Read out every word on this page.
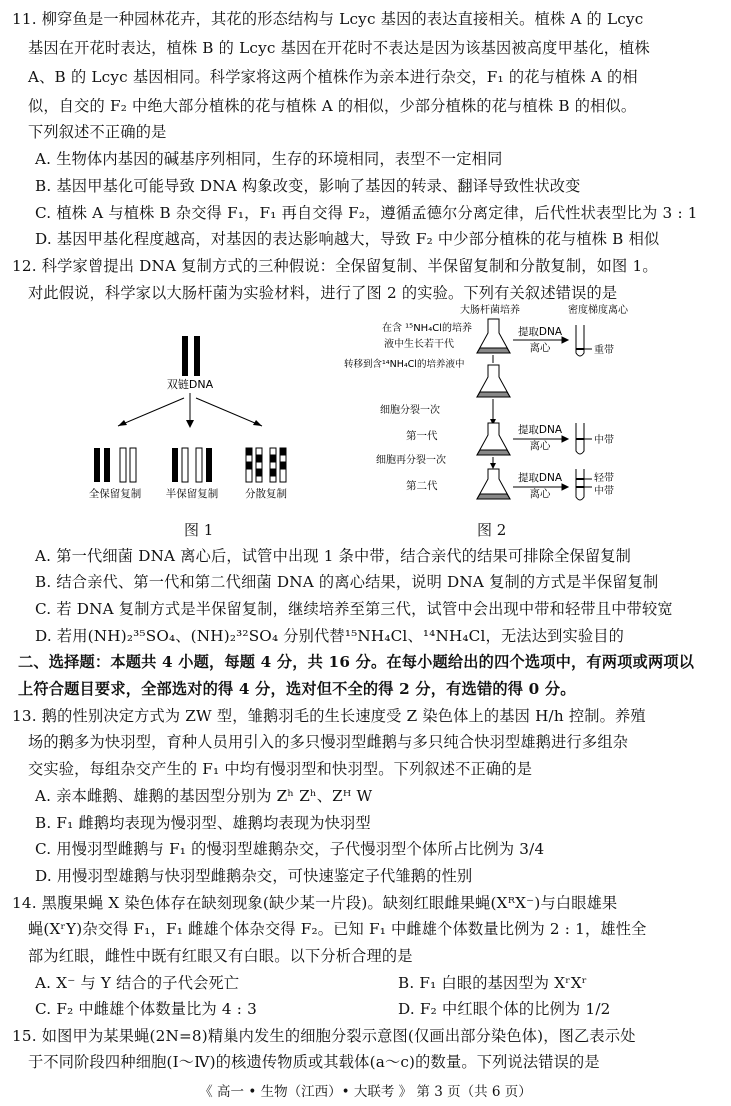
11. 柳穿鱼是一种园林花卉，其花的形态结构与 Lcyc 基因的表达直接相关。植株 A 的 Lcyc
基因在开花时表达，植株 B 的 Lcyc 基因在开花时不表达是因为该基因被高度甲基化，植株
A、B 的 Lcyc 基因相同。科学家将这两个植株作为亲本进行杂交，F₁ 的花与植株 A 的相
似，自交的 F₂ 中绝大部分植株的花与植株 A 的相似，少部分植株的花与植株 B 的相似。
下列叙述不正确的是
A. 生物体内基因的碱基序列相同，生存的环境相同，表型不一定相同
B. 基因甲基化可能导致 DNA 构象改变，影响了基因的转录、翻译导致性状改变
C. 植株 A 与植株 B 杂交得 F₁，F₁ 再自交得 F₂，遵循孟德尔分离定律，后代性状表型比为 3 : 1
D. 基因甲基化程度越高，对基因的表达影响越大，导致 F₂ 中少部分植株的花与植株 B 相似
12. 科学家曾提出 DNA 复制方式的三种假说：全保留复制、半保留复制和分散复制，如图 1。
对此假说，科学家以大肠杆菌为实验材料，进行了图 2 的实验。下列有关叙述错误的是
双链DNA
全保留复制 半保留复制	分散复制
图 1
大肠杆菌培养	密度梯度离心
在含 ¹⁵NH₄Cl的培养
液中生长若干代
提取DNA
离心	重带
转移到含¹⁴NH₄Cl的培养液中
细胞分裂一次
第一代	提取DNA
离心	中带
细胞再分裂一次
第二代
提取DNA
离心
轻带
中带
图 2
A. 第一代细菌 DNA 离心后，试管中出现 1 条中带，结合亲代的结果可排除全保留复制
B. 结合亲代、第一代和第二代细菌 DNA 的离心结果，说明 DNA 复制的方式是半保留复制
C. 若 DNA 复制方式是半保留复制，继续培养至第三代，试管中会出现中带和轻带且中带较宽
D. 若用(NH)₂³⁵SO₄、(NH)₂³²SO₄ 分别代替¹⁵NH₄Cl、¹⁴NH₄Cl，无法达到实验目的
二、选择题：本题共 4 小题，每题 4 分，共 16 分。在每小题给出的四个选项中，有两项或两项以
上符合题目要求，全部选对的得 4 分，选对但不全的得 2 分，有选错的得 0 分。
13. 鹅的性别决定方式为 ZW 型，雏鹅羽毛的生长速度受 Z 染色体上的基因 H/h 控制。养殖
场的鹅多为快羽型，育种人员用引入的多只慢羽型雌鹅与多只纯合快羽型雄鹅进行多组杂
交实验，每组杂交产生的 F₁ 中均有慢羽型和快羽型。下列叙述不正确的是
A. 亲本雌鹅、雄鹅的基因型分别为 Zʰ Zʰ、Zᴴ W
B. F₁ 雌鹅均表现为慢羽型、雄鹅均表现为快羽型
C. 用慢羽型雌鹅与 F₁ 的慢羽型雄鹅杂交，子代慢羽型个体所占比例为 3/4
D. 用慢羽型雄鹅与快羽型雌鹅杂交，可快速鉴定子代雏鹅的性别
14. 黑腹果蝇 X 染色体存在缺刻现象(缺少某一片段)。缺刻红眼雌果蝇(XᴿX⁻)与白眼雄果
蝇(XʳY)杂交得 F₁，F₁ 雌雄个体杂交得 F₂。已知 F₁ 中雌雄个体数量比例为 2 : 1，雄性全
部为红眼，雌性中既有红眼又有白眼。以下分析合理的是
A. X⁻ 与 Y 结合的子代会死亡	B. F₁ 白眼的基因型为 XʳXʳ
C. F₂ 中雌雄个体数量比为 4 : 3	D. F₂ 中红眼个体的比例为 1/2
15. 如图甲为某果蝇(2N=8)精巢内发生的细胞分裂示意图(仅画出部分染色体)，图乙表示处
于不同阶段四种细胞(Ⅰ～Ⅳ)的核遗传物质或其载体(a～c)的数量。下列说法错误的是
《 高一 • 生物（江西）• 大联考 》 第 3 页（共 6 页）
